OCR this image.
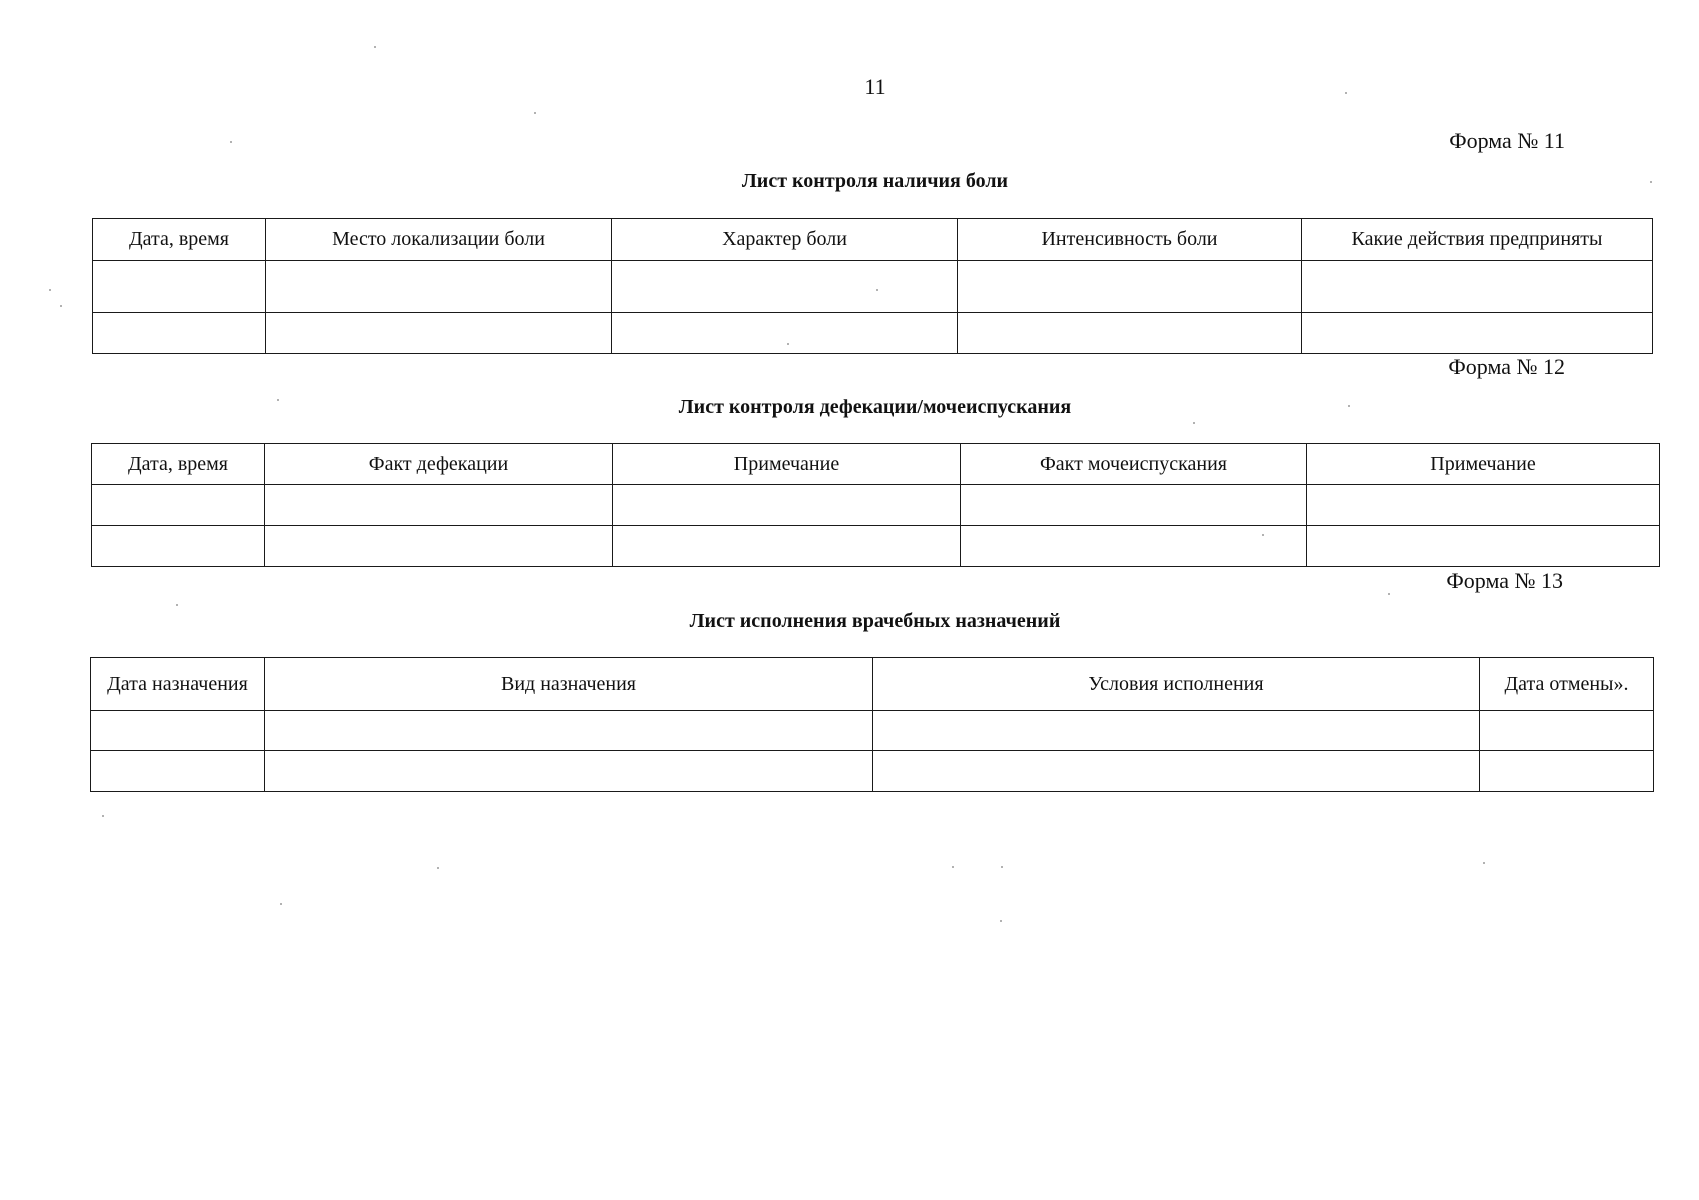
11
Форма № 11
Лист контроля наличия боли
Дата, время	Место локализации боли	Характер боли	Интенсивность боли	Какие действия предприняты

Форма № 12
Лист контроля дефекации/мочеиспускания
Дата, время	Факт дефекации	Примечание	Факт мочеиспускания	Примечание

Форма № 13
Лист исполнения врачебных назначений
Дата назначения	Вид назначения	Условия исполнения	Дата отмены».
